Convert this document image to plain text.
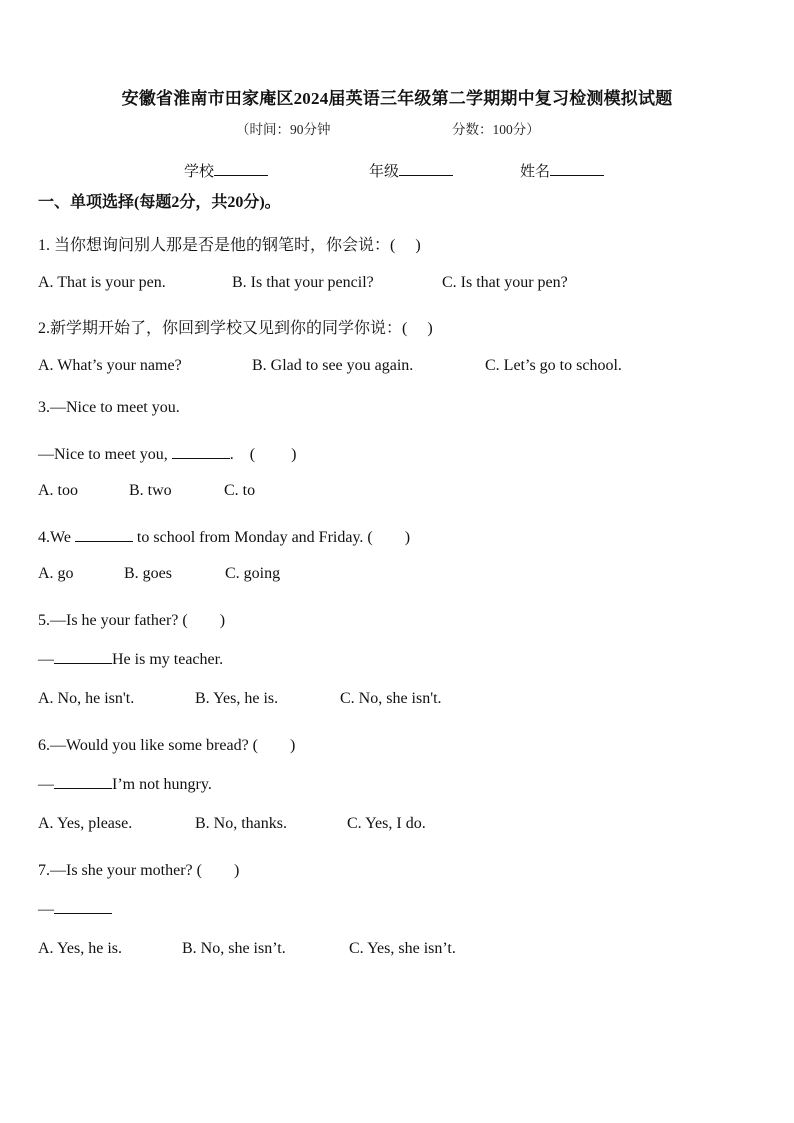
安徽省淮南市田家庵区2024届英语三年级第二学期期中复习检测模拟试题
（时间：90分钟	分数：100分）
学校	年级	姓名
一、单项选择(每题2分，共20分)。
1. 当你想询问别人那是否是他的钢笔时，你会说：(　 )
A. That is your pen.	B. Is that your pencil?	C. Is that your pen?
2.新学期开始了，你回到学校又见到你的同学你说：(　 )
A. What’s your name?	B. Glad to see you again.	C. Let’s go to school.
3.—Nice to meet you.
—Nice to meet you,	.　(　　 )
A. too	B. two	C. to
4.We	to school from Monday and Friday. (　　)
A. go	B. goes	C. going
5.—Is he your father? (　　)
—	He is my teacher.
A. No, he isn't.	B. Yes, he is.	C. No, she isn't.
6.—Would you like some bread? (　　)
—	I’m not hungry.
A. Yes, please.	B. No, thanks.	C. Yes, I do.
7.—Is she your mother? (　　)
—
A. Yes, he is.	B. No, she isn’t.	C. Yes, she isn’t.
